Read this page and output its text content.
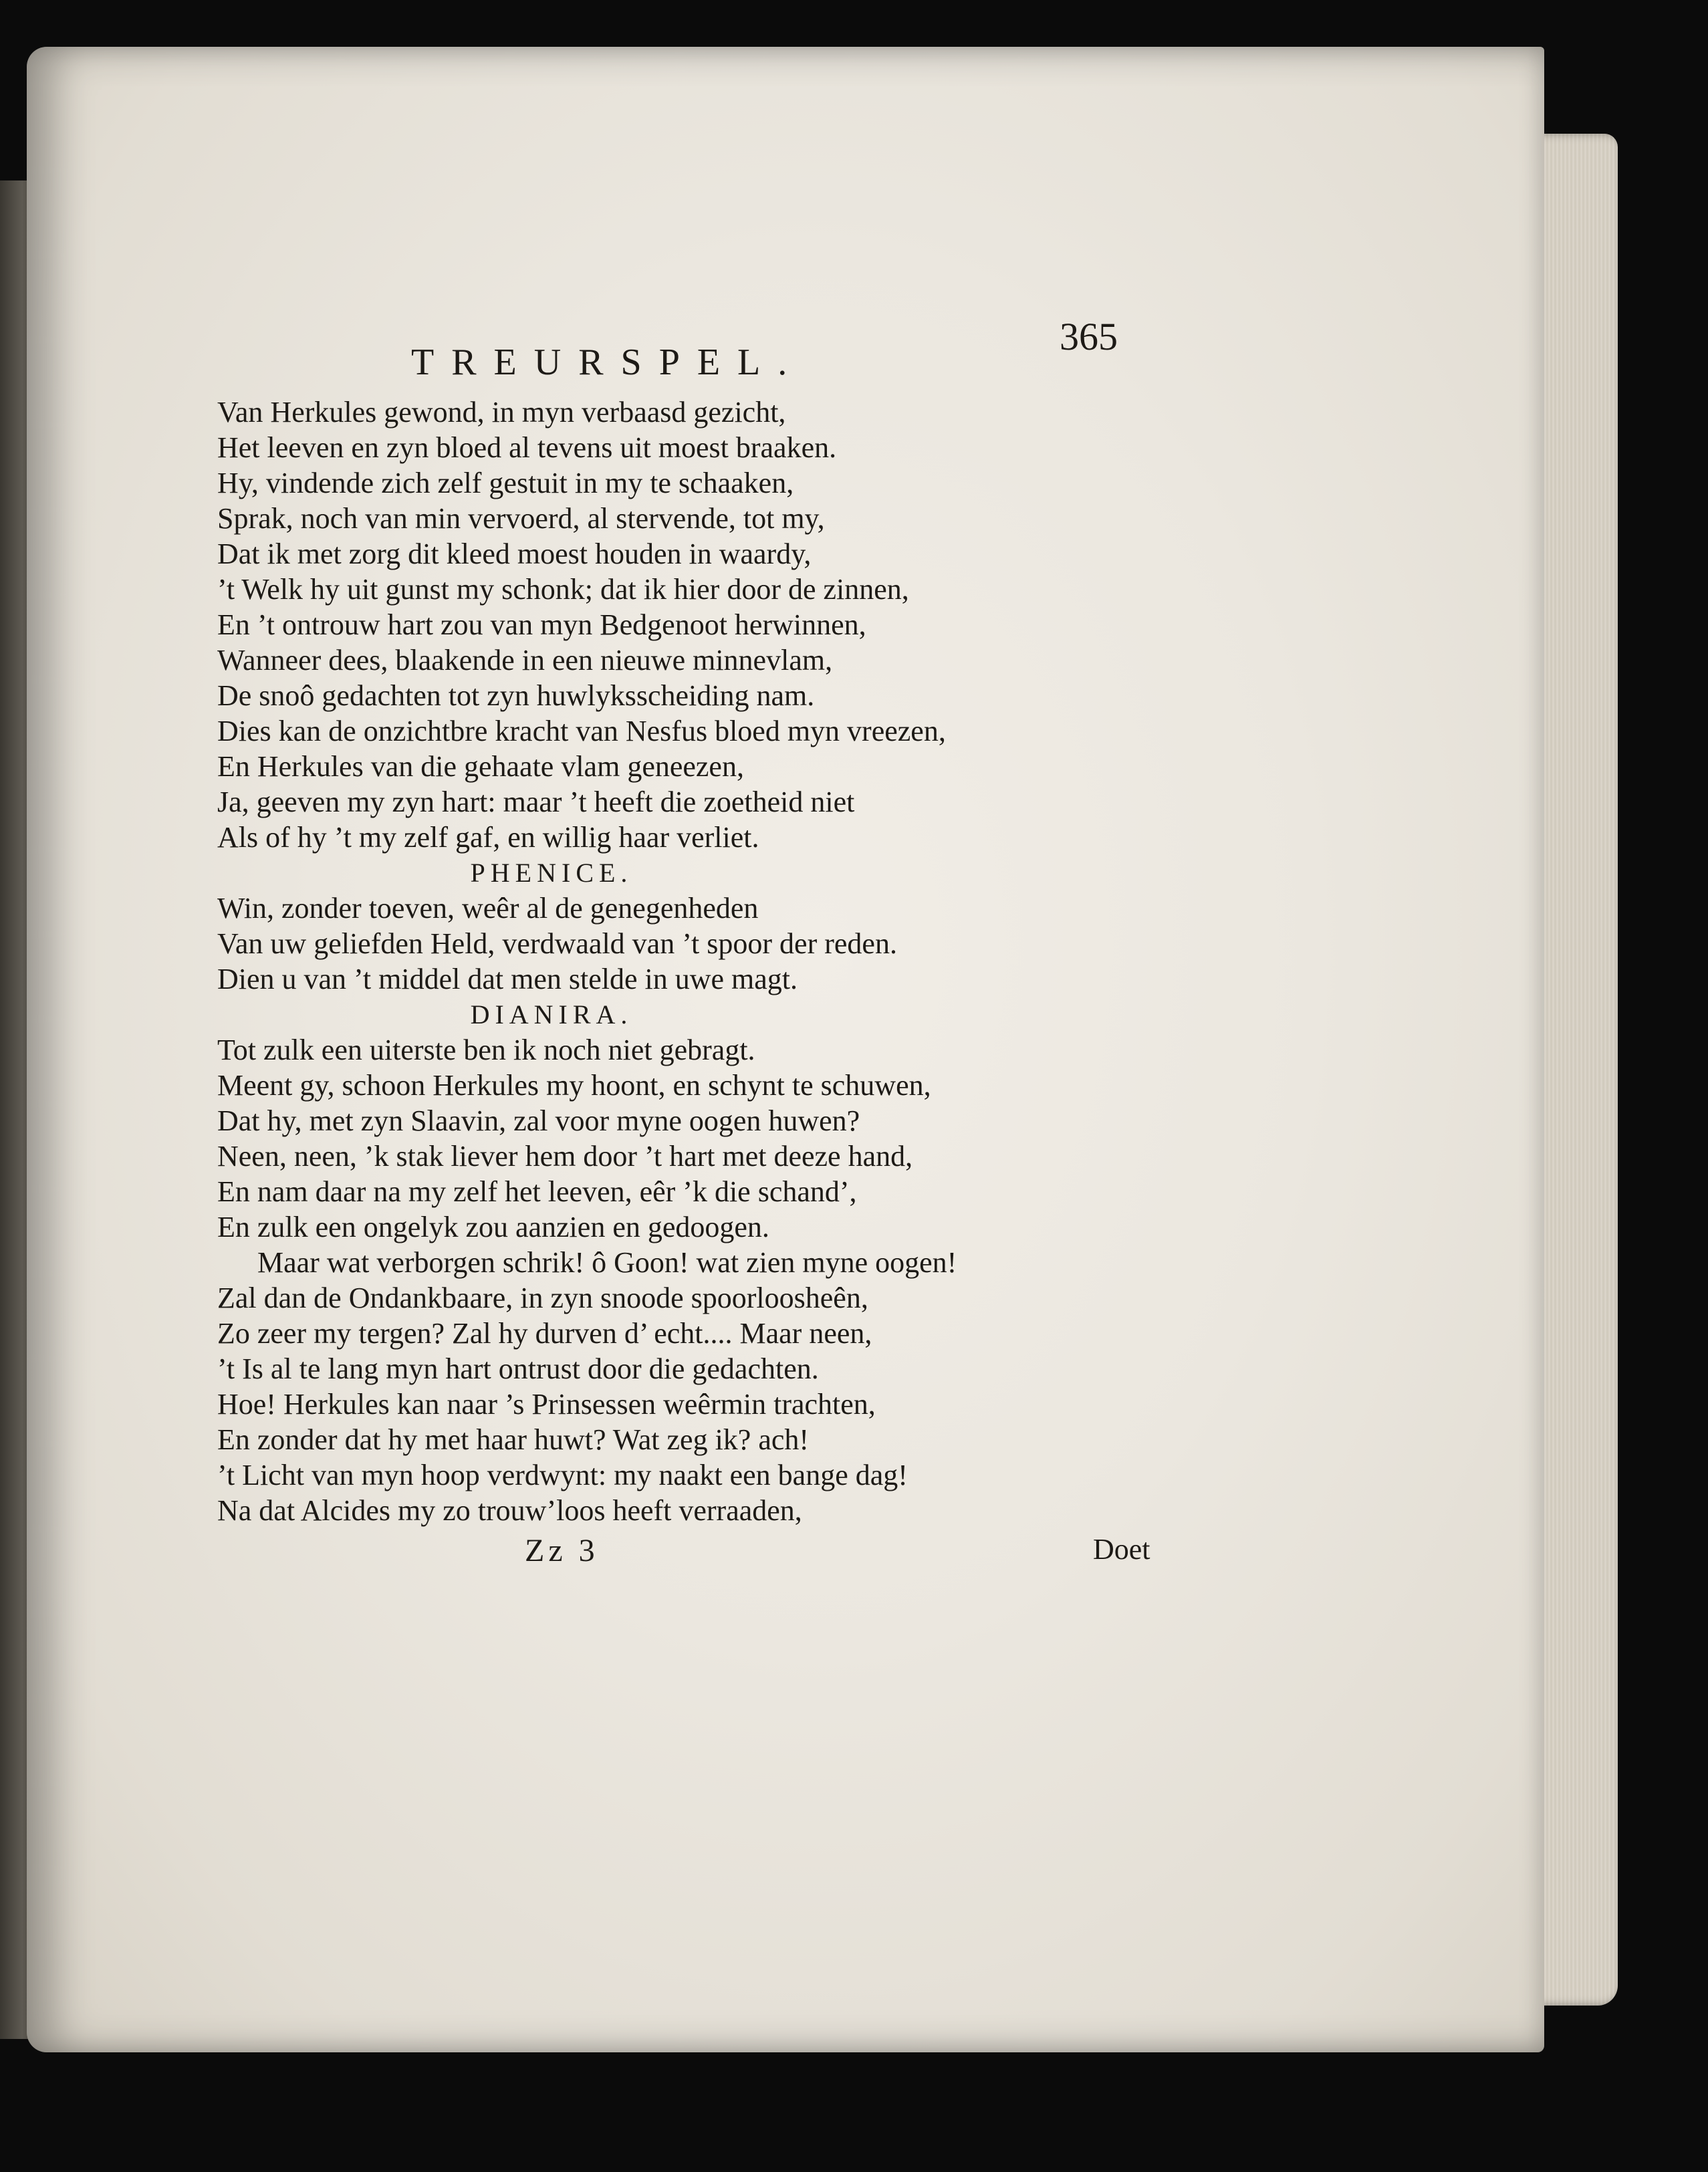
TREURSPEL.
365
Van Herkules gewond, in myn verbaasd gezicht,
Het leeven en zyn bloed al tevens uit moest braaken.
Hy, vindende zich zelf gestuit in my te schaaken,
Sprak, noch van min vervoerd, al stervende, tot my,
Dat ik met zorg dit kleed moest houden in waardy,
’t Welk hy uit gunst my schonk; dat ik hier door de zinnen,
En ’t ontrouw hart zou van myn Bedgenoot herwinnen,
Wanneer dees, blaakende in een nieuwe minnevlam,
De snoô gedachten tot zyn huwlyksscheiding nam.
Dies kan de onzichtbre kracht van Nesfus bloed myn vreezen,
En Herkules van die gehaate vlam geneezen,
Ja, geeven my zyn hart: maar ’t heeft die zoetheid niet
Als of hy ’t my zelf gaf, en willig haar verliet.
PHENICE.
Win, zonder toeven, weêr al de genegenheden
Van uw geliefden Held, verdwaald van ’t spoor der reden.
Dien u van ’t middel dat men stelde in uwe magt.
DIANIRA.
Tot zulk een uiterste ben ik noch niet gebragt.
Meent gy, schoon Herkules my hoont, en schynt te schuwen,
Dat hy, met zyn Slaavin, zal voor myne oogen huwen?
Neen, neen, ’k stak liever hem door ’t hart met deeze hand,
En nam daar na my zelf het leeven, eêr ’k die schand’,
En zulk een ongelyk zou aanzien en gedoogen.
Maar wat verborgen schrik! ô Goon! wat zien myne oogen!
Zal dan de Ondankbaare, in zyn snoode spoorloosheên,
Zo zeer my tergen? Zal hy durven d’ echt.... Maar neen,
’t Is al te lang myn hart ontrust door die gedachten.
Hoe! Herkules kan naar ’s Prinsessen weêrmin trachten,
En zonder dat hy met haar huwt? Wat zeg ik? ach!
’t Licht van myn hoop verdwynt: my naakt een bange dag!
Na dat Alcides my zo trouw’loos heeft verraaden,
Zz 3	Doet
